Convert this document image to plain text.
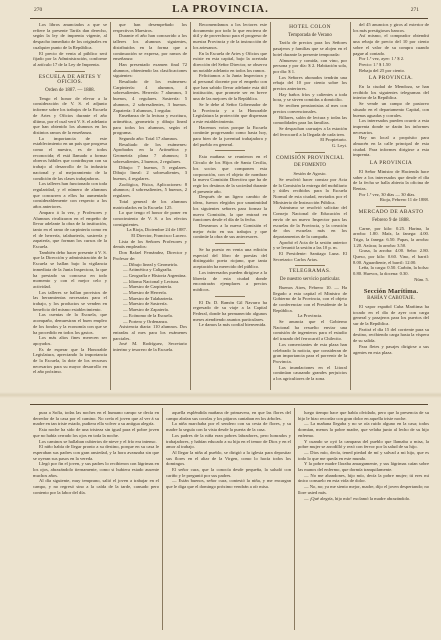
270	LA PROVINCIA.	271

Los libros anunciados a que se refiere la presente Tarifa dan derecho, según la ley de imprenta vigente, al despacho inmediato de los originales en cualquier punto de la República.

El precio de venta al público será fijado por la Administración, conforme al artículo 17 de la Ley de Imprenta.

ESCUELA DE ARTES Y OFICIOS.

Orden de 1887. — 1888.

Tengo el honor de elevar a la consideración de V. S. el adjunto informe sobre los trabajos de la Escuela de Artes y Oficios durante el año último, por el cual verá V. S. el adelanto que han obtenido los alumnos en los distintos ramos de la enseñanza.

La importancia de este establecimiento en un país que progresa como el nuestro, es de todos reconocida; él está llamado a formar obreros hábiles que contribuyan con su trabajo al desarrollo de la industria nacional y al mejoramiento de la condición de las clases trabajadoras.

Los talleres han funcionado con toda regularidad, y el número de alumnos que concurren a ellos ha aumentado considerablemente con respecto a los años anteriores.

Amparo á la vez, y Profesores y Alumnos rivalizaron en el empeño de llevar adelante la obra de la institución, tanto en el ramo de carpintería como en el de herrería, talabartería, sastrería y zapatería, que forman los cursos de la Escuela.

También debo hacer presente á V. S. que la Dirección y administración de la Escuela se hallan bajo la vigilancia inmediata de la Junta Inspectora, la que ha prestado su concurso en todo momento y con el mejor celo y actividad.

Los talleres se hallan provistos de las herramientas necesarias para el trabajo, y los productos se venden en beneficio del mismo establecimiento.

Las cuentas de la Escuela, que acompaño, demuestran el buen empleo de los fondos y la economía con que se ha procedido en todos los gastos.

Los más altos fines merecen ser apoyados.

Es de esperar que la Honorable Legislatura, apreciando la importancia de la Escuela, la dote de los recursos necesarios para su mayor desarrollo en el año próximo.

que han desempeñado los respectivos Maestros.

Durante el año han concurrido a los talleres los alumnos siguientes, distribuidos en la forma que a continuación se expresa, por ramos de enseñanza:

Han presentado examen final 72 alumnos, obteniendo las clasificaciones siguientes:

Resultado de los exámenes: Carpintería: 4 alumnos, 4 sobresalientes. Herrería: 7 alumnos, 3 buenos, 4 regulares. Sastrería: 5 alumnos, 2 sobresalientes, 3 buenos. Zapatería: 3 alumnos, 1 regular.

Enseñanza de la lectura y escritura, aritmética, geometría y dibujo lineal para todos los alumnos, según el programa.

Segundo año: Total 17 alumnos.

Resultado de los exámenes: Aprobados en la Aritmética y Geometría plana 7 alumnos; 3 sobresalientes, 2 buenos, 2 regulares.

Dibujo: 7 buenos, 5 regulares. Dibujo lineal: 2 sobresalientes, 3 buenos, 4 regulares.

Zoológica, Física, Aplicaciones: 8 alumnos; 4 sobresalientes, 5 buenos, 2 regulares.

Total general de los alumnos matriculados en la Escuela: 125.

Lo que tengo el honor de poner en conocimiento de V. S. a los efectos consiguientes.

La Rioja, Diciembre 24 de 1887.

El Director, Francisco Lucero.

Lista de los Señores Profesores y demás empleados:

Don Rafael Fernández, Director y Profesor de:

— Dibujo lineal y Geometría.

— Aritmética y Caligrafía.

— Geografía e Historia Argentina.

— Idioma Nacional y Lectura.

— Maestro de Carpintería.

— Maestro de Herrería.

— Maestro de Talabartería.

— Maestro de Sastrería.

— Maestro de Zapatería.

— Ecónomo de la Escuela.

— Portero y Ordenanza.

Asistencia diaria: 110 alumnos. Dos entradas al mes para los exámenes parciales.

José M. Rodríguez, Secretario interino y tesorero de la Escuela.

Recomendamos a los lectores este documento por todo lo que encierra de útil y de provechoso para el progreso de nuestra Provincia y de la instrucción de los artesanos.

En la Escuela de Artes y Oficios que existe en esta capital, bajo la acertada dirección del Señor Director, se observa un notable adelanto en todos los ramos.

Felicitamos a la Junta Inspectora y al personal docente por el empeño con que han sabido llevar adelante esta útil institución, que promete ser en breve una de las mejores de la República.

Se le debe al Señor Gobernador de la Provincia y a la Honorable Legislatura la protección que dispensan a este establecimiento.

Hacemos votos porque la Escuela continúe progresando como hasta hoy, para bien de la juventud trabajadora y del pueblo en general.

Esta mañana se reunieron en el Círculo de los Hijos de Santa Cecilia, los socios que componen esta corporación, con el objeto de nombrar la nueva Comisión Directiva que ha de regir los destinos de la sociedad durante el presente año.

Después de un ligero cambio de ideas, fueron elegidos por unanimidad los siguientes señores para formar la nueva Comisión, la que entrará en funciones desde el día de la fecha.

Deseamos a la nueva Comisión el mejor éxito en sus trabajos y que continúe la obra de sus antecesores.

Se ha puesto en venta una edición especial del libro de poesías del distinguido poeta riojano, que tanta aceptación ha merecido del público.

Los interesados pueden dirigirse a la librería de esta ciudad donde encontrarán ejemplares a precios módicos.

El Dr. D. Ramón Gil Navarro ha regresado de su viaje a la Capital Federal, donde ha permanecido algunos meses atendiendo asuntos particulares.

Le damos la más cordial bienvenida.

HOTEL COLON

Temporada de Verano

Tarifa de precios para los Señores pasajeros y familias que se alojen en el hotel durante la presente temporada:

Almuerzo y comida, con vino, por persona y por día: $ 2. Habitación sola, por día: $ 1.

Los Señores abonados tendrán una rebaja del 10 por ciento sobre los precios anteriores.

Hay baños fríos y calientes a toda hora, y se sirven comidas a domicilio.

Se reciben pensionistas al mes con precios convencionales.

Billares, salón de lectura y todas las comodidades para las familias.

Se despachan carruajes a la estación del ferrocarril a la llegada de cada tren.

El Propietario.

G. Leyt.

COMISIÓN PROVINCIAL

DE FOMENTO

Sesión de Agosto.

Se resolvió hacer constar por Acta de la Comisión la entrega del mobiliario y útiles recibidos para la Escuela Normal de esta ciudad, enviados por el Ministerio de Instrucción Pública.

Asimismo se resolvió solicitar del Consejo Nacional de Educación el envío de un nuevo Inspector para las escuelas de la Provincia, y la creación de dos escuelas más en los departamentos de la campaña.

Aprobó el Acta de la sesión anterior y se levantó la sesión a las 10 p. m.

El Presidente: Santiago Luna. El Secretario: Carlos Arias.

TELEGRAMAS.

De nuestro servicio particular.

Buenos Aires, Febrero 10. — Ha llegado a esta capital el Ministro de Gobierno de la Provincia, con el objeto de conferenciar con el Presidente de la República.

La Provincia.

Se anuncia que el Gobierno Nacional ha resuelto enviar una comisión de ingenieros para el estudio del trazado del ferrocarril a Chilecito.

Los comerciantes de esta plaza han celebrado la noticia, que consideran de gran importancia para el porvenir de la Provincia.

Las inundaciones en el Litoral continúan causando grandes perjuicios a los agricultores de la zona.

del 45 anuncios y giros al exterior de los más prestigiosos bancos.

Así mismo, el comprador obtendrá una rebaja de precio del 10 por ciento sobre el valor de su compra cuando pague al contado.

Por 1.ª vez, ayer: 1.ª $ 2.

Precio: 1.ª $ 1.50

Rebaja del 25 por ciento.

LA PROVINCIA.

En la ciudad de Mendoza, se han recibido los siguientes telegramas del interior de la República.

Se vende un campo de pastoreo situado en el departamento Capital, con buenas aguadas y corrales.

Los interesados pueden ocurrir a esta imprenta donde se darán los informes necesarios.

Hay un local a propósito para almacén en la calle principal de esta ciudad. Para informes dirigirse a esta imprenta.

LA PROVINCIA

El Señor Ministro de Hacienda hace saber a los interesados que desde el día de la fecha se halla abierta la oficina de Rentas.

Por 1.ª vez, 30 días — 30 días.

Rioja, Febrero 11 de 1888.

MERCADO DE ABASTO

Febrero 9 de 1888.

Carne, por kilo: 0.25. Harina, la arroba: 1.80. Maíz, la fanega: 4.00. Trigo, la fanega: 6.50. Papas, la arroba: 1.20. Azúcar, la arroba: 3.50.

Grasa, la arroba: 4.00. Sebo: 2.80. Queso, por kilo: 0.60. Vino, el barril: 8.00. Aguardiente, el barril: 12.00.

Leña, la carga: 0.50. Carbón, la bolsa: 0.80. Huevos, la docena: 0.30.

Núm. 5.

Sección Marítima.

BAHÍA Y CABOTAJE.

El vapor español Cuba Marítima ha tocado en el día de ayer con carga general y pasajeros para los puertos del sur de la República.

Partirá el día 15 del corriente para su destino, recibiendo carga hasta la víspera de su salida.

Para fletes y pasajes dirigirse a sus agentes en esta plaza.

pura a Sofía, todas las noches en el humano campo se decía en derredor de la casa por el camino. No creía el joven que al ver á su madre en tan triste estado, pudiera ella volver a su antigua alegría.

Esta noche ha sido de una tristeza sin igual para el pobre joven que no había cerrado los ojos en toda la noche.

Los caminos se hallaban cubiertos de nieve y el frío era intenso.

El niño había de llegar pronto a su destino, porque en su casa le esperaban sus padres con gran ansiedad, y la hora avanzaba sin que se oyeran sus pasos en la vereda.

Llegó por fin el joven, y sus padres lo recibieron con lágrimas en los ojos, abrazándolo tiernamente, como si hubiera estado ausente muchos años.

Al día siguiente, muy temprano, salió el joven a trabajar en el campo, y no regresó sino a la caída de la tarde, cansado pero contento por la labor del día.

aquella espléndida mañana de primavera, en que las flores del campo abrían sus corolas y los pájaros cantaban en los árboles.

La niña marchaba por el sendero con su cesta de flores, y su madre la seguía con la vista desde la puerta de la casa.

Los padres de la niña eran pobres labradores, pero honrados y trabajadores, y habían educado a su hija en el temor de Dios y en el amor al trabajo.

Al llegar la niña al pueblo, se dirigió a la iglesia para depositar sus flores en el altar de la Virgen, como lo hacía todos los domingos.

El señor cura, que la conocía desde pequeña, la saludó con cariño y le preguntó por sus padres.

— Están buenos, señor cura, contestó la niña, y me encargan que le diga que el domingo próximo vendrán a oír misa.

luego tiempo hace que había olvidado, pero que la presencia de su hijo le hizo recordar con gran dolor en aquella triste noche.

— La mañana llegaba y no se oía ruido alguno en la casa; todos dormían, menos la pobre madre, que velaba junto al lecho de su hijo enfermo.

Y cuando se oyó la campana del pueblo que llamaba a misa, la pobre mujer se arrodilló y rezó con fervor por la salud de su hijo.

— Dios mío, decía, tened piedad de mí y salvad a mi hijo, que es todo lo que me queda en este mundo.

Y la pobre madre lloraba amargamente, y sus lágrimas caían sobre las manos del enfermo, que dormía tranquilamente.

— No me abandones, hijo mío, decía la pobre mujer; tú eres mi único consuelo en esta vida de dolor.

— No, no; ya me siento mejor, madre, dijo el joven despertando; no llore usted más.

— ¡Qué alegría, hijo mío! exclamó la madre abrazándolo.
